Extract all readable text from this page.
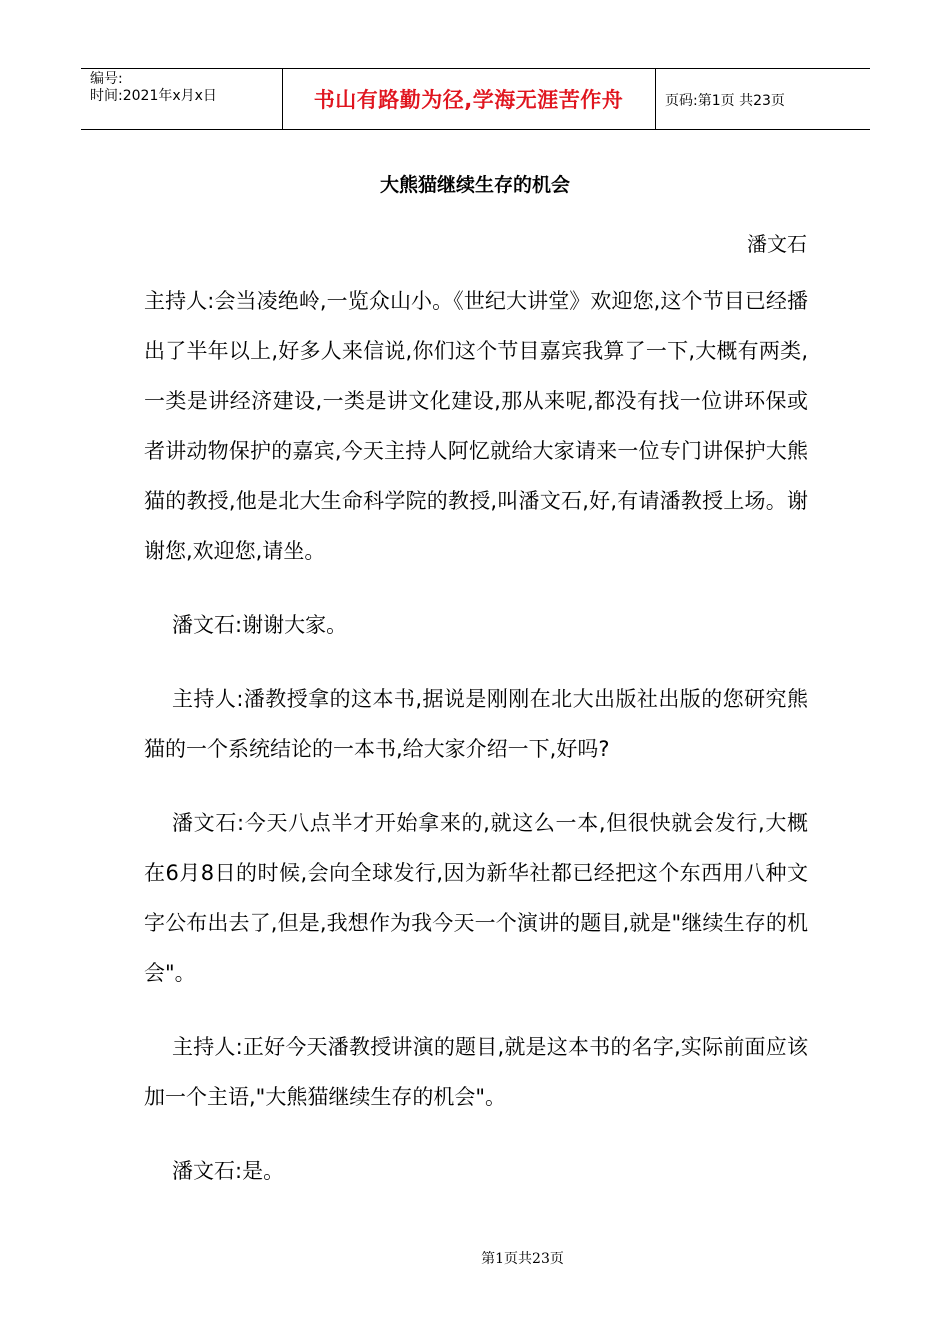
编号:
时间:2021年x月x日	书山有路勤为径,学海无涯苦作舟	页码:第1页 共23页
大熊猫继续生存的机会
潘文石

主持人:会当凌绝岭,一览众山小。《世纪大讲堂》欢迎您,这个节目已经播出了半年以上,好多人来信说,你们这个节目嘉宾我算了一下,大概有两类,一类是讲经济建设,一类是讲文化建设,那从来呢,都没有找一位讲环保或者讲动物保护的嘉宾,今天主持人阿忆就给大家请来一位专门讲保护大熊猫的教授,他是北大生命科学院的教授,叫潘文石,好,有请潘教授上场。谢谢您,欢迎您,请坐。

潘文石:谢谢大家。

主持人:潘教授拿的这本书,据说是刚刚在北大出版社出版的您研究熊猫的一个系统结论的一本书,给大家介绍一下,好吗?

潘文石:今天八点半才开始拿来的,就这么一本,但很快就会发行,大概在6月8日的时候,会向全球发行,因为新华社都已经把这个东西用八种文字公布出去了,但是,我想作为我今天一个演讲的题目,就是"继续生存的机会"。

主持人:正好今天潘教授讲演的题目,就是这本书的名字,实际前面应该加一个主语,"大熊猫继续生存的机会"。

潘文石:是。

第1页共23页
